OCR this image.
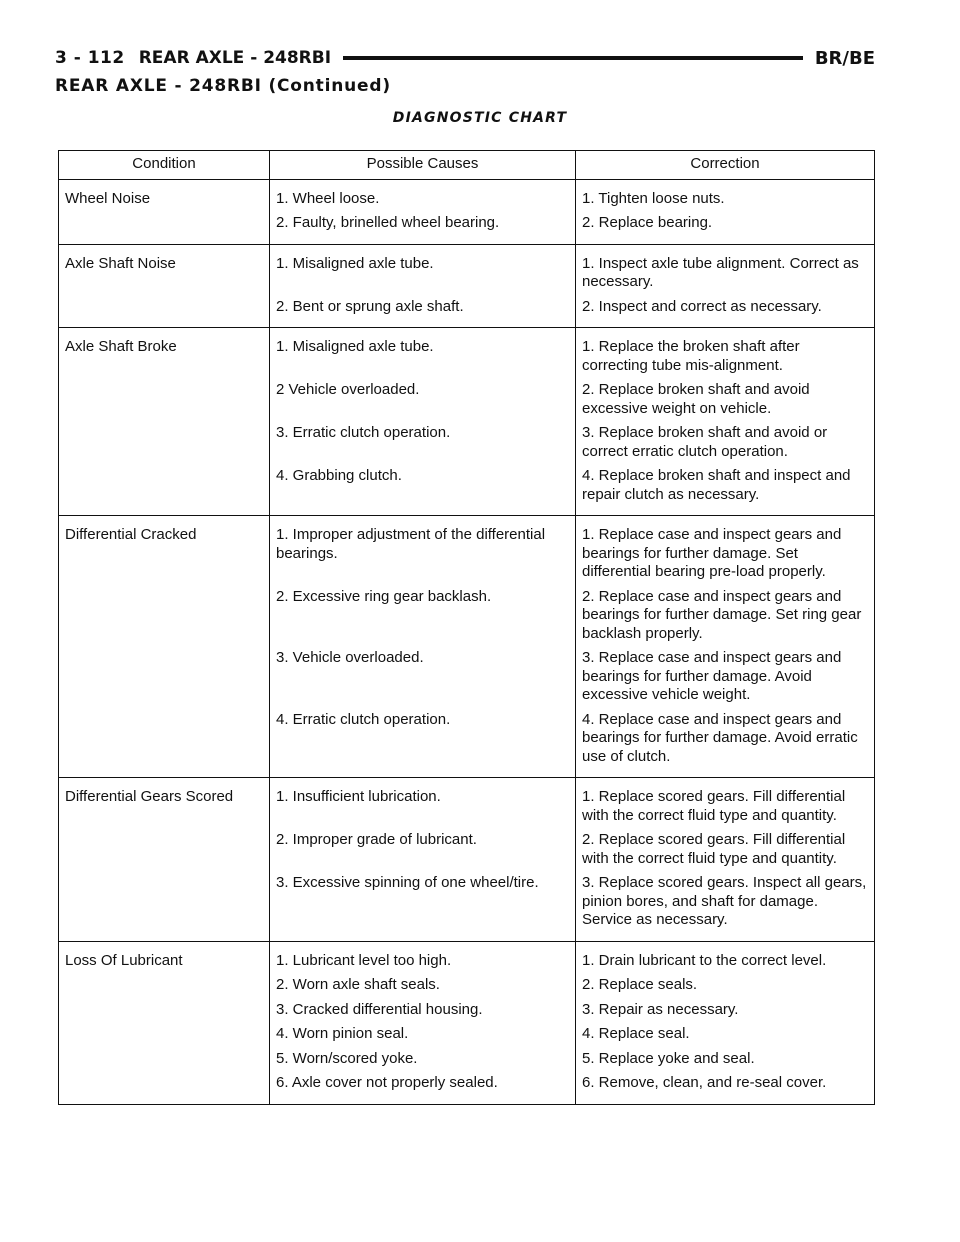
3 - 112 REAR AXLE - 248RBI	BR/BE
REAR AXLE - 248RBI (Continued)
DIAGNOSTIC CHART
Condition	Possible Causes	Correction
Wheel Noise	1. Wheel loose.	1. Tighten loose nuts.
	2. Faulty, brinelled wheel bearing.	2. Replace bearing.
Axle Shaft Noise	1. Misaligned axle tube.	1. Inspect axle tube alignment. Correct as necessary.
	2. Bent or sprung axle shaft.	2. Inspect and correct as necessary.
Axle Shaft Broke	1. Misaligned axle tube.	1. Replace the broken shaft after correcting tube mis-alignment.
	2 Vehicle overloaded.	2. Replace broken shaft and avoid excessive weight on vehicle.
	3. Erratic clutch operation.	3. Replace broken shaft and avoid or correct erratic clutch operation.
	4. Grabbing clutch.	4. Replace broken shaft and inspect and repair clutch as necessary.
Differential Cracked	1. Improper adjustment of the differential bearings.	1. Replace case and inspect gears and bearings for further damage. Set differential bearing pre-load properly.
	2. Excessive ring gear backlash.	2. Replace case and inspect gears and bearings for further damage. Set ring gear backlash properly.
	3. Vehicle overloaded.	3. Replace case and inspect gears and bearings for further damage. Avoid excessive vehicle weight.
	4. Erratic clutch operation.	4. Replace case and inspect gears and bearings for further damage. Avoid erratic use of clutch.
Differential Gears Scored	1. Insufficient lubrication.	1. Replace scored gears. Fill differential with the correct fluid type and quantity.
	2. Improper grade of lubricant.	2. Replace scored gears. Fill differential with the correct fluid type and quantity.
	3. Excessive spinning of one wheel/tire.	3. Replace scored gears. Inspect all gears, pinion bores, and shaft for damage. Service as necessary.
Loss Of Lubricant	1. Lubricant level too high.	1. Drain lubricant to the correct level.
	2. Worn axle shaft seals.	2. Replace seals.
	3. Cracked differential housing.	3. Repair as necessary.
	4. Worn pinion seal.	4. Replace seal.
	5. Worn/scored yoke.	5. Replace yoke and seal.
	6. Axle cover not properly sealed.	6. Remove, clean, and re-seal cover.
